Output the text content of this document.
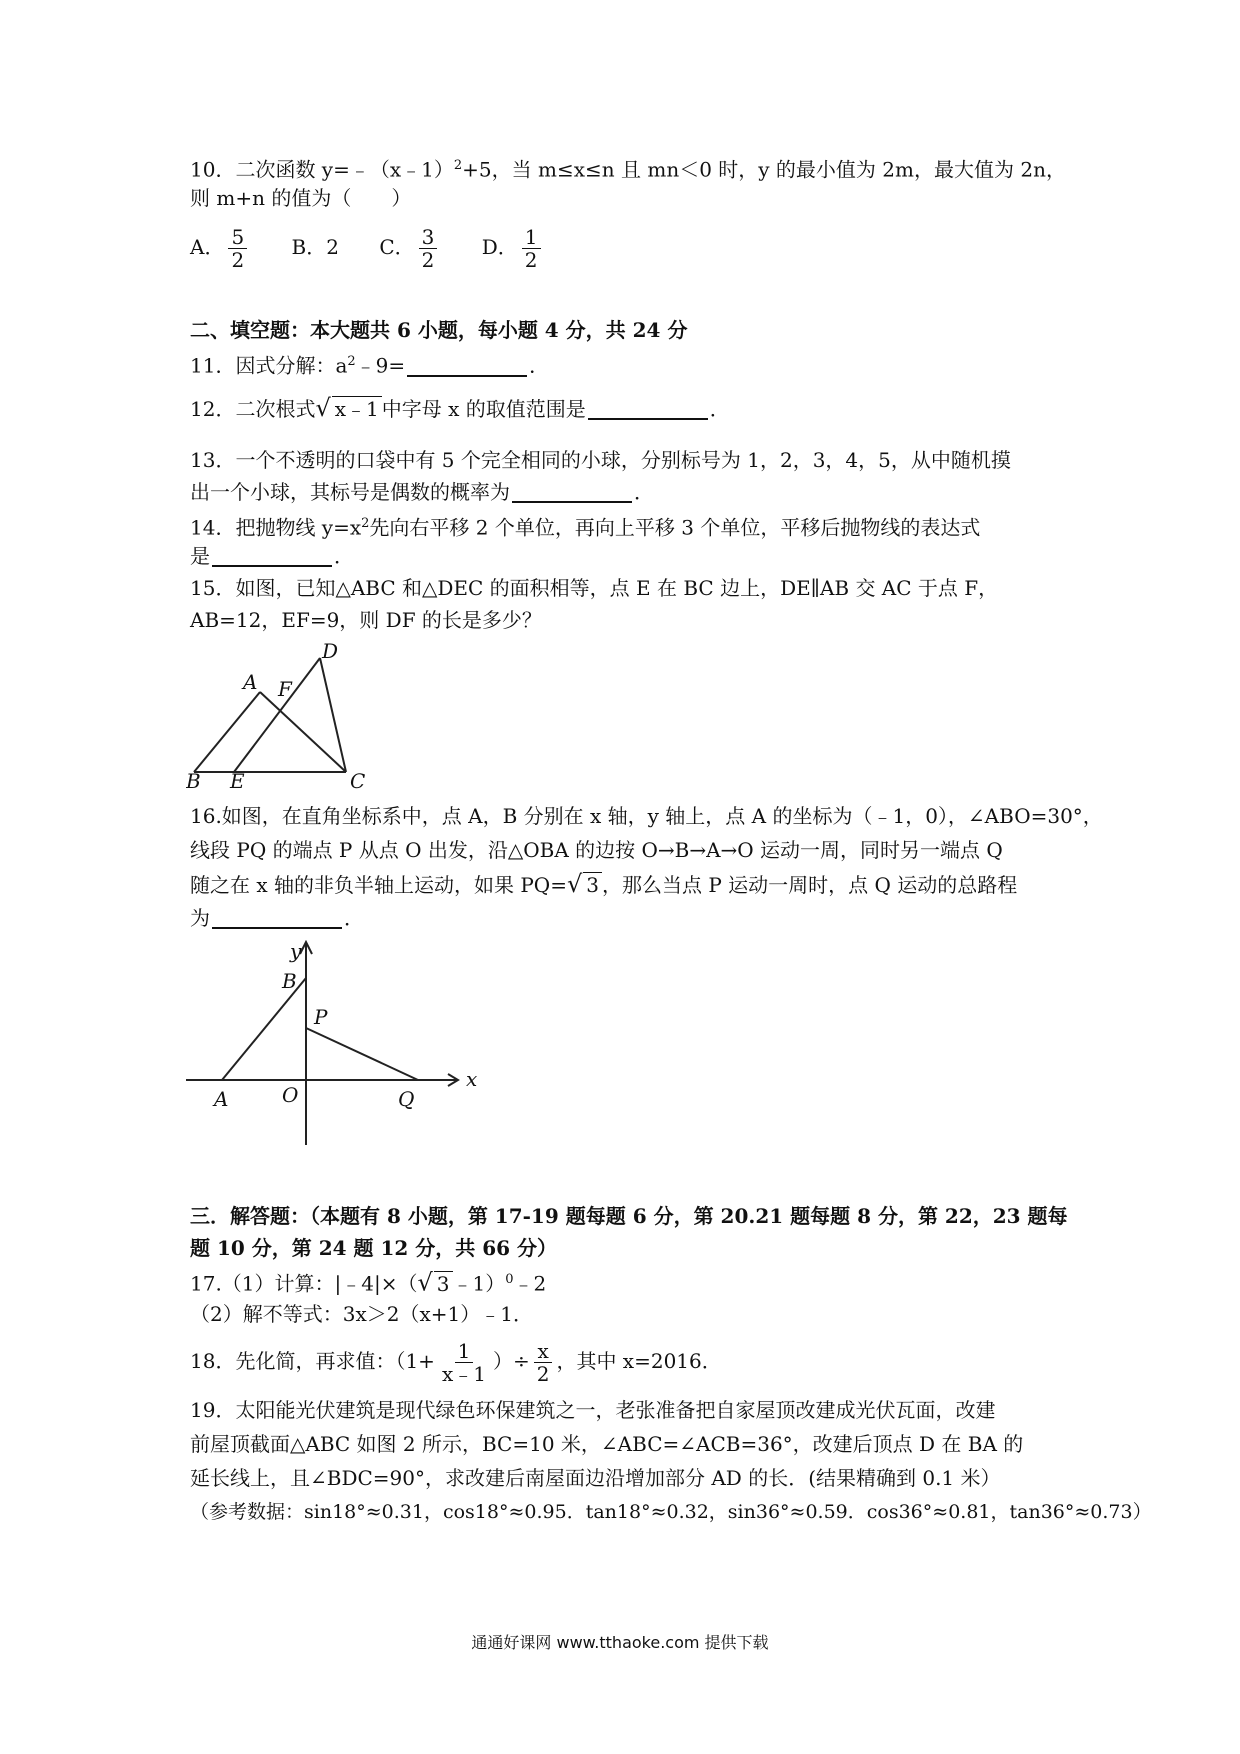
10．二次函数 y=﹣（x﹣1）$^2$+5，当 m≤x≤n 且 mn＜0 时，y 的最小值为 2m，最大值为 2n，
则 m+n 的值为（　　）
A． $\frac{5}{2}$ B．2 C． $\frac{3}{2}$ D． $\frac{1}{2}$
二、填空题：本大题共 6 小题，每小题 4 分，共 24 分
11．因式分解：$a^2﹣9=$	．
12．二次根式√ x﹣1 中字母 x 的取值范围是	．
13．一个不透明的口袋中有 5 个完全相同的小球，分别标号为 1，2，3，4，5，从中随机摸
出一个小球，其标号是偶数的概率为	．
14．把抛物线 $y=x^2$先向右平移 2 个单位，再向上平移 3 个单位，平移后抛物线的表达式
是	．
15．如图，已知△ABC 和△DEC 的面积相等，点 E 在 BC 边上，DE∥AB 交 AC 于点 F，
AB=12，EF=9，则 DF 的长是多少？
A
B	C
D
E
F
16.如图，在直角坐标系中，点 A，B 分别在 x 轴，y 轴上，点 A 的坐标为（﹣1，0），∠ABO=30°，
线段 PQ 的端点 P 从点 O 出发，沿△OBA 的边按 O→B→A→O 运动一周，同时另一端点 Q
随之在 x 轴的非负半轴上运动，如果 PQ=√ 3 ，那么当点 P 运动一周时，点 Q 运动的总路程
为	．
y
x
B
P
A	O	Q
三．解答题：（本题有 8 小题，第 17-19 题每题 6 分，第 20.21 题每题 8 分，第 22，23 题每
题 10 分，第 24 题 12 分，共 66 分）
17.（1）计算：|﹣4|×（√ 3 ﹣1）$^0$﹣2
（2）解不等式：3x＞2（x+1）﹣1．
18．先化简，再求值：（$1+ \frac{1}{x﹣1}$ ）÷ $\frac{x}{2}$ ，其中 x=2016．
19．太阳能光伏建筑是现代绿色环保建筑之一，老张准备把自家屋顶改建成光伏瓦面，改建
前屋顶截面△ABC 如图 2 所示，BC=10 米，∠ABC=∠ACB=36°，改建后顶点 D 在 BA 的
延长线上，且∠BDC=90°，求改建后南屋面边沿增加部分 AD 的长．(结果精确到 0.1 米）
（参考数据：sin18°≈0.31，cos18°≈0.95．tan18°≈0.32，sin36°≈0.59．cos36°≈0.81，tan36°≈0.73）
通通好课网 www.tthaoke.com 提供下载
